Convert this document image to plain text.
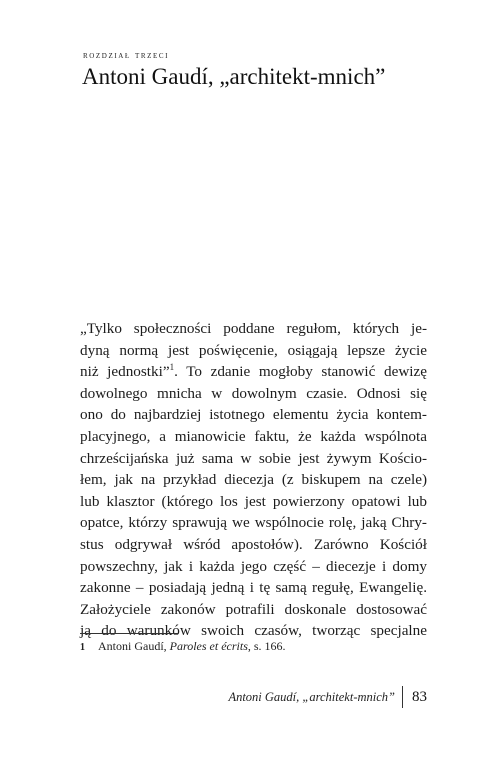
rozdział trzeci
Antoni Gaudí, „architekt-mnich”
„Tylko społeczności poddane regułom, których je-
dyną normą jest poświęcenie, osiągają lepsze życie
niż jednostki”$^1$. To zdanie mogłoby stanowić dewizę
dowolnego mnicha w dowolnym czasie. Odnosi się
ono do najbardziej istotnego elementu życia kontem-
placyjnego, a mianowicie faktu, że każda wspólnota
chrześcijańska już sama w sobie jest żywym Kościo-
łem, jak na przykład diecezja (z biskupem na czele)
lub klasztor (którego los jest powierzony opatowi lub
opatce, którzy sprawują we wspólnocie rolę, jaką Chry-
stus odgrywał wśród apostołów). Zarówno Kościół
powszechny, jak i każda jego część – diecezje i domy
zakonne – posiadają jedną i tę samą regułę, Ewangelię.
Założyciele zakonów potrafili doskonale dostosować
ją do warunków swoich czasów, tworząc specjalne
1 Antoni Gaudí, Paroles et écrits, s. 166.
Antoni Gaudí, „architekt-mnich” 83
